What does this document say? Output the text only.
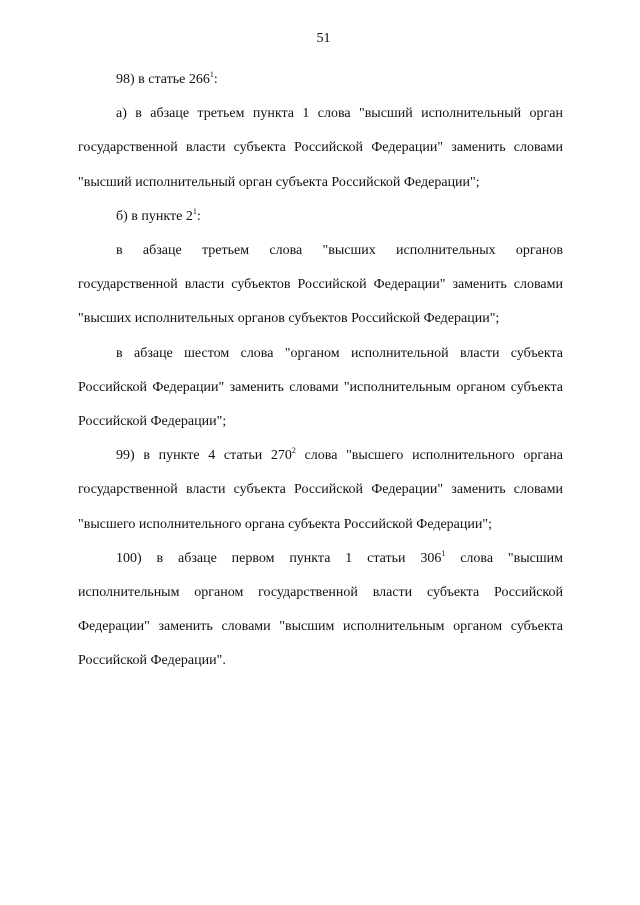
51

98) в статье $266^1$:

а) в абзаце третьем пункта 1 слова "высший исполнительный орган государственной власти субъекта Российской Федерации" заменить словами "высший исполнительный орган субъекта Российской Федерации";

б) в пункте $2^1$:

в абзаце третьем слова "высших исполнительных органов государственной власти субъектов Российской Федерации" заменить словами "высших исполнительных органов субъектов Российской Федерации";

в абзаце шестом слова "органом исполнительной власти субъекта Российской Федерации" заменить словами "исполнительным органом субъекта Российской Федерации";

99) в пункте 4 статьи $270^2$ слова "высшего исполнительного органа государственной власти субъекта Российской Федерации" заменить словами "высшего исполнительного органа субъекта Российской Федерации";

100) в абзаце первом пункта 1 статьи $306^1$ слова "высшим исполнительным органом государственной власти субъекта Российской Федерации" заменить словами "высшим исполнительным органом субъекта Российской Федерации".
